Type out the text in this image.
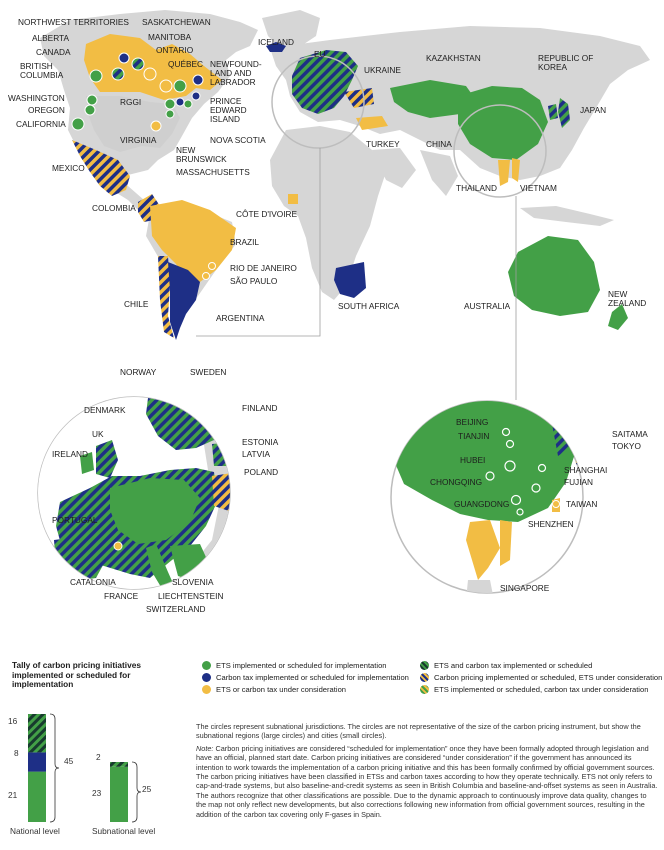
NORTHWEST TERRITORIES SASKATCHEWAN
ALBERTA	MANITOBA
CANADA	ONTARIO
BRITISH COLUMBIA
QUÉBEC NEWFOUND- LAND AND LABRADOR
WASHINGTON
OREGON
RGGI	PRINCE EDWARD ISLAND
CALIFORNIA
VIRGINIA	NOVA SCOTIA
NEW BRUNSWICK
MASSACHUSETTS
MEXICO
ICELAND
EU
UKRAINE
KAZAKHSTAN	REPUBLIC OF KOREA
JAPAN
TURKEY	CHINA
THAILAND	VIETNAM
COLOMBIA
CÔTE D'IVOIRE
BRAZIL
RIO DE JANEIRO
SÃO PAULO
CHILE
ARGENTINA
SOUTH AFRICA	AUSTRALIA
NEW ZEALAND
NORWAY	SWEDEN
DENMARK	FINLAND
UK
ESTONIA
LATVIA
IRELAND
POLAND
PORTUGAL
CATALONIA	SLOVENIA
FRANCE LIECHTENSTEIN
SWITZERLAND
BEIJING
TIANJIN	SAITAMA
TOKYO
HUBEI
SHANGHAI
CHONGQING	FUJIAN
GUANGDONG	TAIWAN
SHENZHEN
SINGAPORE
Tally of carbon pricing initiatives implemented or scheduled for implementation
16
8
21
45
National level
2
23	25
Subnational level
ETS implemented or scheduled for implementation
Carbon tax implemented or scheduled for implementation
ETS or carbon tax under consideration
ETS and carbon tax implemented or scheduled
Carbon pricing implemented or scheduled, ETS under consideration
ETS implemented or scheduled, carbon tax under consideration

The circles represent subnational jurisdictions. The circles are not representative of the size of the carbon pricing instrument, but show the subnational regions (large circles) and cities (small circles).

Note: Carbon pricing initiatives are considered “scheduled for implementation” once they have been formally adopted through legislation and have an official, planned start date. Carbon pricing initiatives are considered “under consideration” if the government has announced its intention to work towards the implementation of a carbon pricing initiative and this has been formally confirmed by official government sources. The carbon pricing initiatives have been classified in ETSs and carbon taxes according to how they operate technically. ETS not only refers to cap-and-trade systems, but also baseline-and-credit systems as seen in British Columbia and baseline-and-offset systems as seen in Australia. The authors recognize that other classifications are possible. Due to the dynamic approach to continuously improve data quality, changes to the map not only reflect new developments, but also corrections following new information from official government sources, resulting in the addition of the carbon tax covering only F-gases in Spain.
